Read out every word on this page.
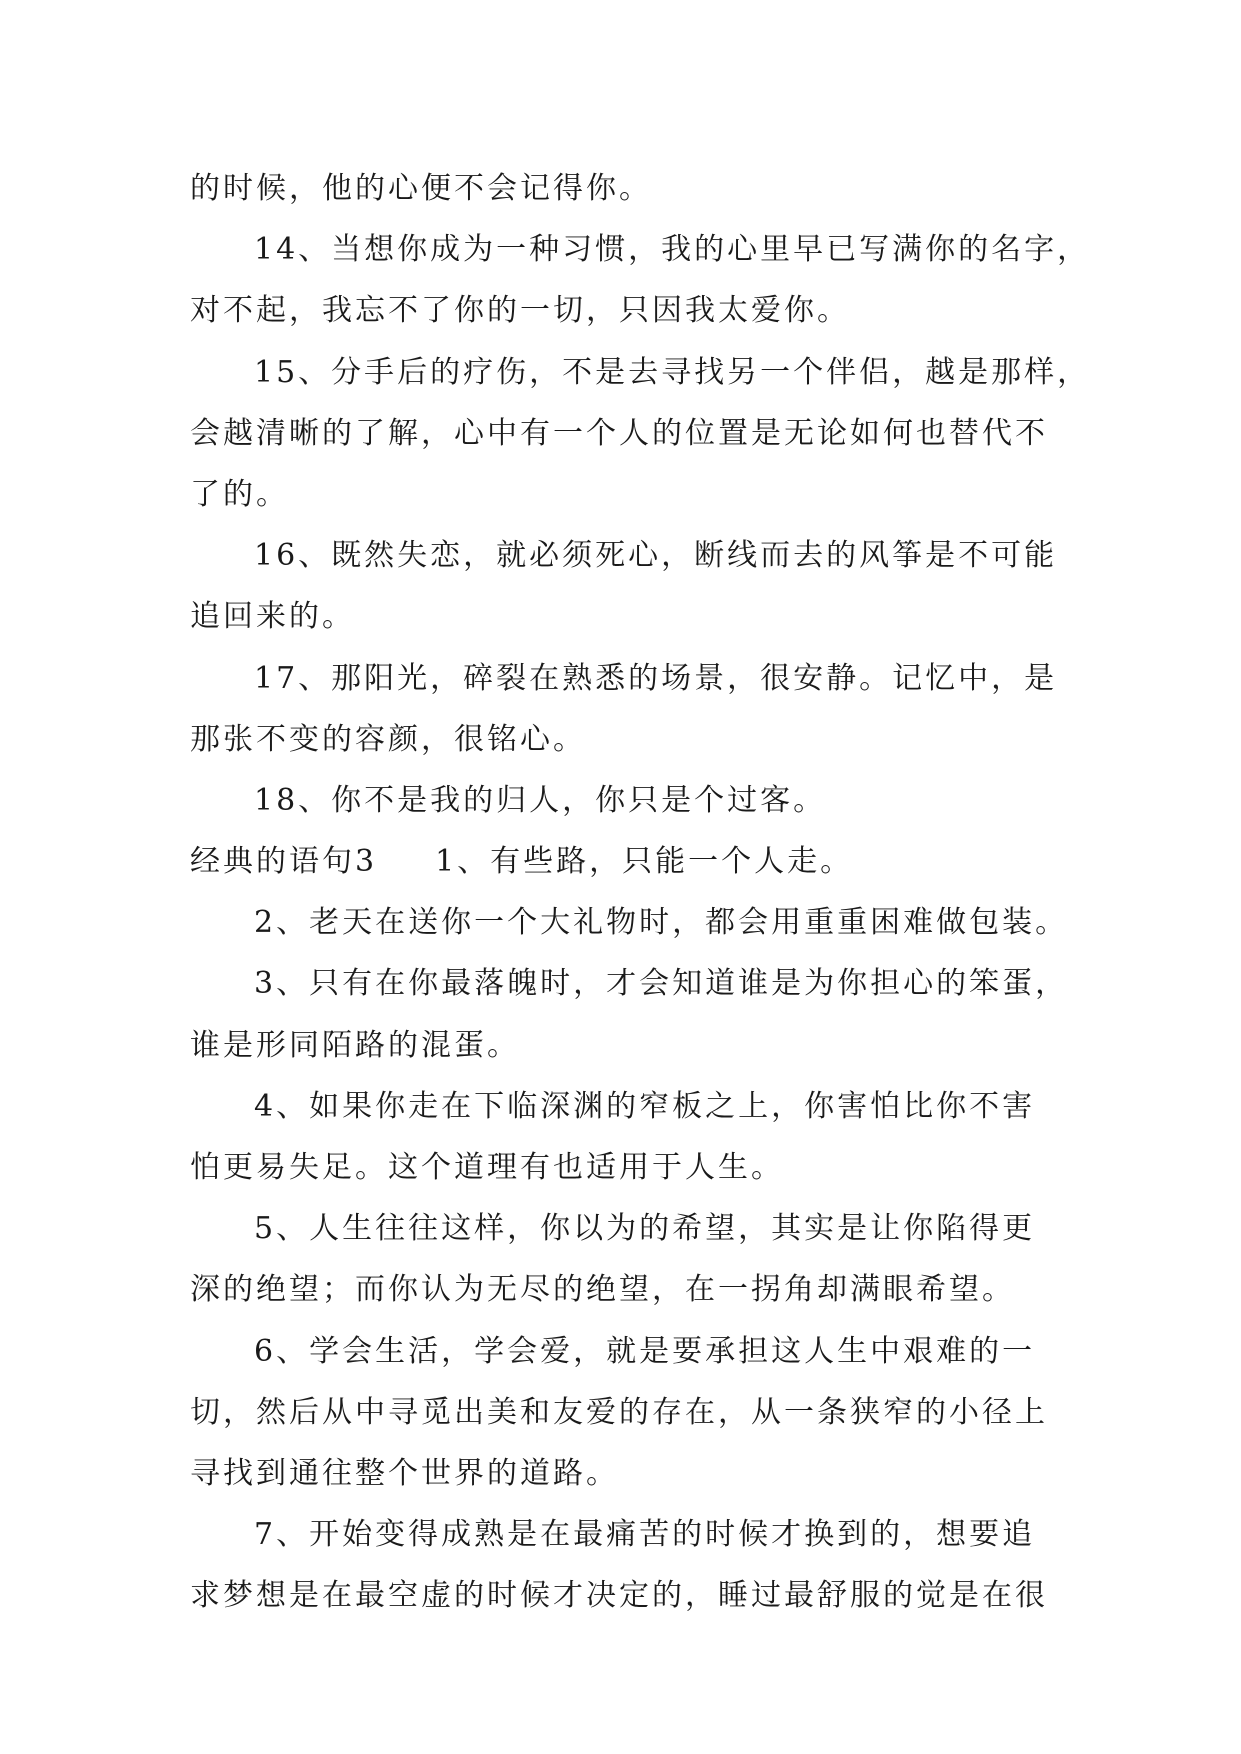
的时候，他的心便不会记得你。
14、当想你成为一种习惯，我的心里早已写满你的名字，
对不起，我忘不了你的一切，只因我太爱你。
15、分手后的疗伤，不是去寻找另一个伴侣，越是那样，
会越清晰的了解，心中有一个人的位置是无论如何也替代不
了的。
16、既然失恋，就必须死心，断线而去的风筝是不可能
追回来的。
17、那阳光，碎裂在熟悉的场景，很安静。记忆中，是
那张不变的容颜，很铭心。
18、你不是我的归人，你只是个过客。
经典的语句3 1、有些路，只能一个人走。
2、老天在送你一个大礼物时，都会用重重困难做包装。
3、只有在你最落魄时，才会知道谁是为你担心的笨蛋，
谁是形同陌路的混蛋。
4、如果你走在下临深渊的窄板之上，你害怕比你不害
怕更易失足。这个道理有也适用于人生。
5、人生往往这样，你以为的希望，其实是让你陷得更
深的绝望；而你认为无尽的绝望，在一拐角却满眼希望。
6、学会生活，学会爱，就是要承担这人生中艰难的一
切，然后从中寻觅出美和友爱的存在，从一条狭窄的小径上
寻找到通往整个世界的道路。
7、开始变得成熟是在最痛苦的时候才换到的，想要追
求梦想是在最空虚的时候才决定的，睡过最舒服的觉是在很
